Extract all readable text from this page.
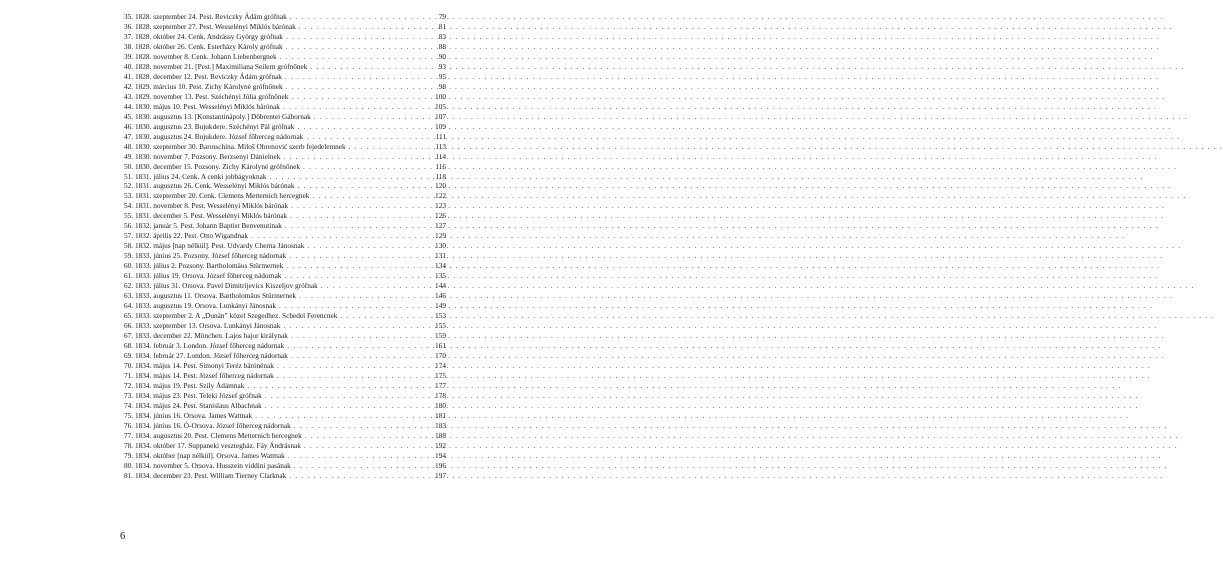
35. 1828. szeptember 24. Pest. Reviczky Ádám grófnak . . .	79
36. 1828. szeptember 27. Pest. Wesselényi Miklós bárónak . . .	81
37. 1828. október 24. Cenk. Andrássy György grófnak . . .	83
38. 1828. október 26. Cenk. Esterházy Károly grófnak . . .	88
39. 1828. november 8. Cenk. Johann Liebenbergnek . . .	90
40. 1828. november 21. [Pest.] Maximiliana Seilern grófnőnek . . .	93
41. 1828. december 12. Pest. Reviczky Ádám grófnak . . .	95
42. 1829. március 10. Pest. Zichy Károlyné grófnőnek . . .	98
43. 1829. november 13. Pest. Széchényi Júlia grófnőnek . . .	100
44. 1830. május 10. Pest. Wesselényi Miklós bárónak . . .	105
45. 1830. augusztus 13. [Konstantinápoly.] Döbrentei Gábornak . . .	107
46. 1830. augusztus 23. Bujukdere. Széchényi Pál grófnak . . .	109
47. 1830. augusztus 24. Bujukdere. József főherceg nádornak . . .	111
48. 1830. szeptember 30. Barotschina. Miloš Obrenović szerb fejedelemnek . . .	113
49. 1830. november 7. Pozsony. Berzsenyi Dánielnek . . .	114
50. 1830. december 15. Pozsony. Zichy Károlyné grófnőnek . . .	116
51. 1831. július 24. Cenk. A cenki jobbágyoknak . . .	118
52. 1831. augusztus 26. Cenk. Wesselényi Miklós bárónak . . .	120
53. 1831. szeptember 20. Cenk. Clemens Metternich hercegnek . . .	122
54. 1831. november 8. Pest. Wesselényi Miklós bárónak . . .	123
55. 1831. december 5. Pest. Wesselényi Miklós bárónak . . .	126
56. 1832. január 5. Pest. Johann Baptist Benvenutinak . . .	127
57. 1832. április 22. Pest. Otto Wigandnak . . .	129
58. 1832. május [nap nélkül]. Pest. Udvardy Cherna Jánosnak . . .	130
59. 1833. június 25. Pozsony. József főherceg nádornak . . .	131
60. 1833. július 2. Pozsony. Bartholomäus Stürmernek . . .	134
61. 1833. július 19. Orsova. József főherceg nádornak . . .	135
62. 1833. július 31. Orsova. Pavel Dimitrijevics Kiszeljov grófnak . . .	144
63. 1833. augusztus 11. Orsova. Bartholomäus Stürmernek . . .	146
64. 1833. augusztus 19. Orsova. Lunkányi Jánosnak . . .	149
65. 1833. szeptember 2. A „Dunán” közel Szegedhez. Schedel Ferencnek . . .	153
66. 1833. szeptember 13. Orsova. Lunkányi Jánosnak . . .	155
67. 1833. december 22. München. Lajos bajor királynak . . .	159
68. 1834. február 3. London. József főherceg nádornak . . .	161
69. 1834. február 27. London. József főherceg nádornak . . .	170
70. 1834. május 14. Pest. Simonyi Teréz bárónénak . . .	174
71. 1834. május 14. Pest. József főherceg nádornak . . .	175
72. 1834. május 19. Pest. Szily Ádámnak . . .	177
73. 1834. május 23. Pest. Teleki József grófnak . . .	178
74. 1834. május 24. Pest. Stanislaus Albachnak . . .	180
75. 1834. június 16. Orsova. James Wattnak . . .	181
76. 1834. június 16. Ó-Orsova. József főherceg nádornak . . .	183
77. 1834. augusztus 20. Pest. Clemens Metternich hercegnek . . .	188
78. 1834. október 17. Suppaneki vesztegház. Fáy Ándrásnak . . .	192
79. 1834. október [nap nélkül]. Orsova. James Wattnak . . .	194
80. 1834. november 5. Orsova. Husszein viddini pasának . . .	196
81. 1834. december 23. Pest. William Tierney Clarknak . . .	197
6
